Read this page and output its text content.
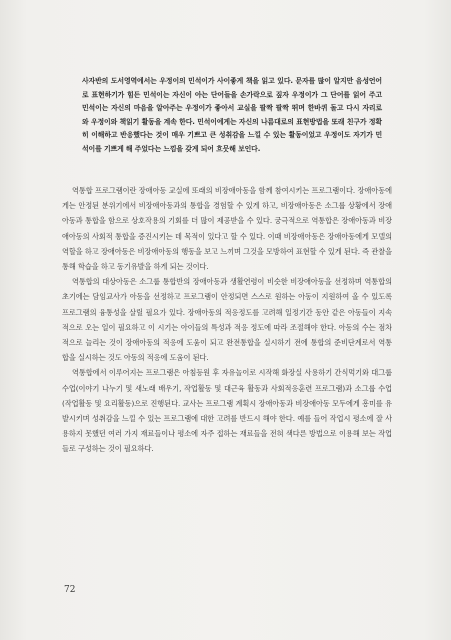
사자반의 도서영역에서는 우정이의 민석이가 사이좋게 책을 읽고 있다. 문자를 많이 알지만 음성언어로 표현하기가 힘든 민석이는 자신이 아는 단어들을 손가락으로 짚자 우정이가 그 단어를 읽어 주고 민석이는 자신의 마음을 알아주는 우정이가 좋아서 교실을 팔짝 팔짝 뛰며 한바퀴 돌고 다시 자리로 와 우정이와 책읽기 활동을 계속 한다. 민석이에게는 자신의 나름대로의 표현방법을 또래 친구가 정확히 이해하고 반응했다는 것이 매우 기쁘고 큰 성취감을 느낄 수 있는 활동이었고 우정이도 자기가 민석이를 기쁘게 해 주었다는 느낌을 갖게 되어 흐뭇해 보인다.

역통합 프로그램이란 장애아동 교실에 또래의 비장애아동을 함께 참여시키는 프로그램이다. 장애아동에게는 안정된 분위기에서 비장애아동과의 통합을 경험할 수 있게 하고, 비장애아동은 소그룹 상황에서 장애아동과 통합을 함으로 상호작용의 기회를 더 많이 제공받을 수 있다. 궁극적으로 역통합은 장애아동과 비장애아동의 사회적 통합을 증진시키는 데 목적이 있다고 할 수 있다. 이때 비장애아동은 장애아동에게 모델의 역할을 하고 장애아동은 비장애아동의 행동을 보고 느끼며 그것을 모방하여 표현할 수 있게 된다. 즉 관찰을 통해 학습을 하고 동기유발을 하게 되는 것이다.

역통합의 대상아동은 소그룹 통합반의 장애아동과 생활연령이 비슷한 비장애아동을 선정하며 역통합의 초기에는 담임교사가 아동을 선정하고 프로그램이 안정되면 스스로 원하는 아동이 지원하여 올 수 있도록 프로그램의 융통성을 살릴 필요가 있다. 장애아동의 적응정도를 고려해 일정기간 동안 같은 아동들이 지속적으로 오는 일이 필요하고 이 시기는 아이들의 특성과 적응 정도에 따라 조절해야 한다. 아동의 수는 점차적으로 늘리는 것이 장애아동의 적응에 도움이 되고 완전통합을 실시하기 전에 통합의 준비단계로서 역통합을 실시하는 것도 아동의 적응에 도움이 된다.

역통합에서 이루어지는 프로그램은 아침등원 후 자유놀이로 시작해 화장실 사용하기 간식먹기와 대그룹 수업(이야기 나누기 및 새노래 배우기, 작업활동 및 대근육 활동과 사회적응훈련 프로그램)과 소그룹 수업(작업활동 및 요리활동)으로 진행된다. 교사는 프로그램 계획시 장애아동과 비장애아동 모두에게 흥미를 유발시키며 성취감을 느낄 수 있는 프로그램에 대한 고려를 반드시 해야 한다. 예를 들어 작업시 평소에 잘 사용하지 못했던 여러 가지 재료들이나 평소에 자주 접하는 재료들을 전혀 색다른 방법으로 이용해 보는 작업들로 구성하는 것이 필요하다.

72
